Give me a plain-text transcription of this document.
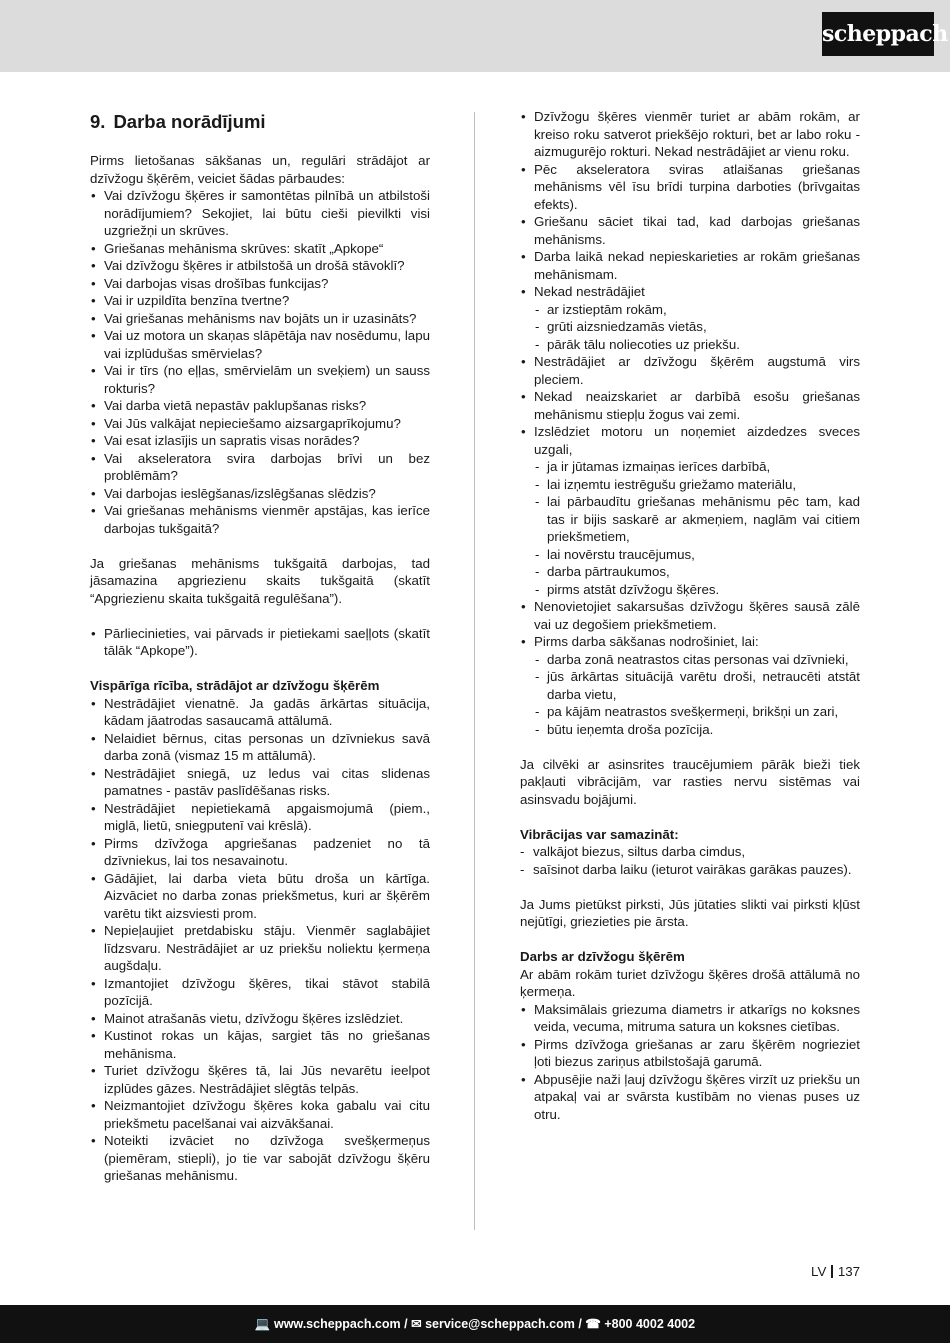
scheppach
9. Darba norādījumi

Pirms lietošanas sākšanas un, regulāri strādājot ar dzīvžogu šķērēm, veiciet šādas pārbaudes:

• Vai dzīvžogu šķēres ir samontētas pilnībā un atbilstoši norādījumiem? Sekojiet, lai būtu cieši pievilkti visi uzgriežņi un skrūves.
• Griešanas mehānisma skrūves: skatīt „Apkope“
• Vai dzīvžogu šķēres ir atbilstošā un drošā stāvoklī?
• Vai darbojas visas drošības funkcijas?
• Vai ir uzpildīta benzīna tvertne?
• Vai griešanas mehānisms nav bojāts un ir uzasināts?
• Vai uz motora un skaņas slāpētāja nav nosēdumu, lapu vai izplūdušas smērvielas?
• Vai ir tīrs (no eļļas, smērvielām un sveķiem) un sauss rokturis?
• Vai darba vietā nepastāv paklupšanas risks?
• Vai Jūs valkājat nepieciešamo aizsargaprīkojumu?
• Vai esat izlasījis un sapratis visas norādes?
• Vai akseleratora svira darbojas brīvi un bez problēmām?
• Vai darbojas ieslēgšanas/izslēgšanas slēdzis?
• Vai griešanas mehānisms vienmēr apstājas, kas ierīce darbojas tukšgaitā?

Ja griešanas mehānisms tukšgaitā darbojas, tad jāsamazina apgriezienu skaits tukšgaitā (skatīt “Apgriezienu skaita tukšgaitā regulēšana”).

• Pārliecinieties, vai pārvads ir pietiekami saeļļots (skatīt tālāk “Apkope”).

Vispārīga rīcība, strādājot ar dzīvžogu šķērēm

• Nestrādājiet vienatnē. Ja gadās ārkārtas situācija, kādam jāatrodas sasaucamā attālumā.
• Nelaidiet bērnus, citas personas un dzīvniekus savā darba zonā (vismaz 15 m attālumā).
• Nestrādājiet sniegā, uz ledus vai citas slidenas pamatnes - pastāv paslīdēšanas risks.
• Nestrādājiet nepietiekamā apgaismojumā (piem., miglā, lietū, sniegputenī vai krēslā).
• Pirms dzīvžoga apgriešanas padzeniet no tā dzīvniekus, lai tos nesavainotu.
• Gādājiet, lai darba vieta būtu droša un kārtīga. Aizvāciet no darba zonas priekšmetus, kuri ar šķērēm varētu tikt aizsviesti prom.
• Nepieļaujiet pretdabisku stāju. Vienmēr saglabājiet līdzsvaru. Nestrādājiet ar uz priekšu noliektu ķermeņa augšdaļu.
• Izmantojiet dzīvžogu šķēres, tikai stāvot stabilā pozīcijā.
• Mainot atrašanās vietu, dzīvžogu šķēres izslēdziet.
• Kustinot rokas un kājas, sargiet tās no griešanas mehānisma.
• Turiet dzīvžogu šķēres tā, lai Jūs nevarētu ieelpot izplūdes gāzes. Nestrādājiet slēgtās telpās.
• Neizmantojiet dzīvžogu šķēres koka gabalu vai citu priekšmetu pacelšanai vai aizvākšanai.
• Noteikti izvāciet no dzīvžoga svešķermeņus (piemēram, stiepli), jo tie var sabojāt dzīvžogu šķēru griešanas mehānismu.
• Dzīvžogu šķēres vienmēr turiet ar abām rokām, ar kreiso roku satverot priekšējo rokturi, bet ar labo roku - aizmugurējo rokturi. Nekad nestrādājiet ar vienu roku.
• Pēc akseleratora sviras atlaišanas griešanas mehānisms vēl īsu brīdi turpina darboties (brīvgaitas efekts).
• Griešanu sāciet tikai tad, kad darbojas griešanas mehānisms.
• Darba laikā nekad nepieskarieties ar rokām griešanas mehānismam.
• Nekad nestrādājiet
- ar izstieptām rokām,
- grūti aizsniedzamās vietās,
- pārāk tālu noliecoties uz priekšu.
• Nestrādājiet ar dzīvžogu šķērēm augstumā virs pleciem.
• Nekad neaizskariet ar darbībā esošu griešanas mehānismu stiepļu žogus vai zemi.
• Izslēdziet motoru un noņemiet aizdedzes sveces uzgali,
- ja ir jūtamas izmaiņas ierīces darbībā,
- lai izņemtu iestrēgušu griežamo materiālu,
- lai pārbaudītu griešanas mehānismu pēc tam, kad tas ir bijis saskarē ar akmeņiem, naglām vai citiem priekšmetiem,
- lai novērstu traucējumus,
- darba pārtraukumos,
- pirms atstāt dzīvžogu šķēres.
• Nenovietojiet sakarsušas dzīvžogu šķēres sausā zālē vai uz degošiem priekšmetiem.
• Pirms darba sākšanas nodrošiniet, lai:
- darba zonā neatrastos citas personas vai dzīvnieki,
- jūs ārkārtas situācijā varētu droši, netraucēti atstāt darba vietu,
- pa kājām neatrastos svešķermeņi, brikšņi un zari,
- būtu ieņemta droša pozīcija.

Ja cilvēki ar asinsrites traucējumiem pārāk bieži tiek pakļauti vibrācijām, var rasties nervu sistēmas vai asinsvadu bojājumi.

Vibrācijas var samazināt:

- valkājot biezus, siltus darba cimdus,
- saīsinot darba laiku (ieturot vairākas garākas pauzes).

Ja Jums pietūkst pirksti, Jūs jūtaties slikti vai pirksti kļūst nejūtīgi, griezieties pie ārsta.

Darbs ar dzīvžogu šķērēm

Ar abām rokām turiet dzīvžogu šķēres drošā attālumā no ķermeņa.

• Maksimālais griezuma diametrs ir atkarīgs no koksnes veida, vecuma, mitruma satura un koksnes cietības.
• Pirms dzīvžoga griešanas ar zaru šķērēm nogrieziet ļoti biezus zariņus atbilstošajā garumā.
• Abpusējie naži ļauj dzīvžogu šķēres virzīt uz priekšu un atpakaļ vai ar svārsta kustībām no vienas puses uz otru.
LV 137
💻 www.scheppach.com / ✉ service@scheppach.com / ☎ +800 4002 4002
